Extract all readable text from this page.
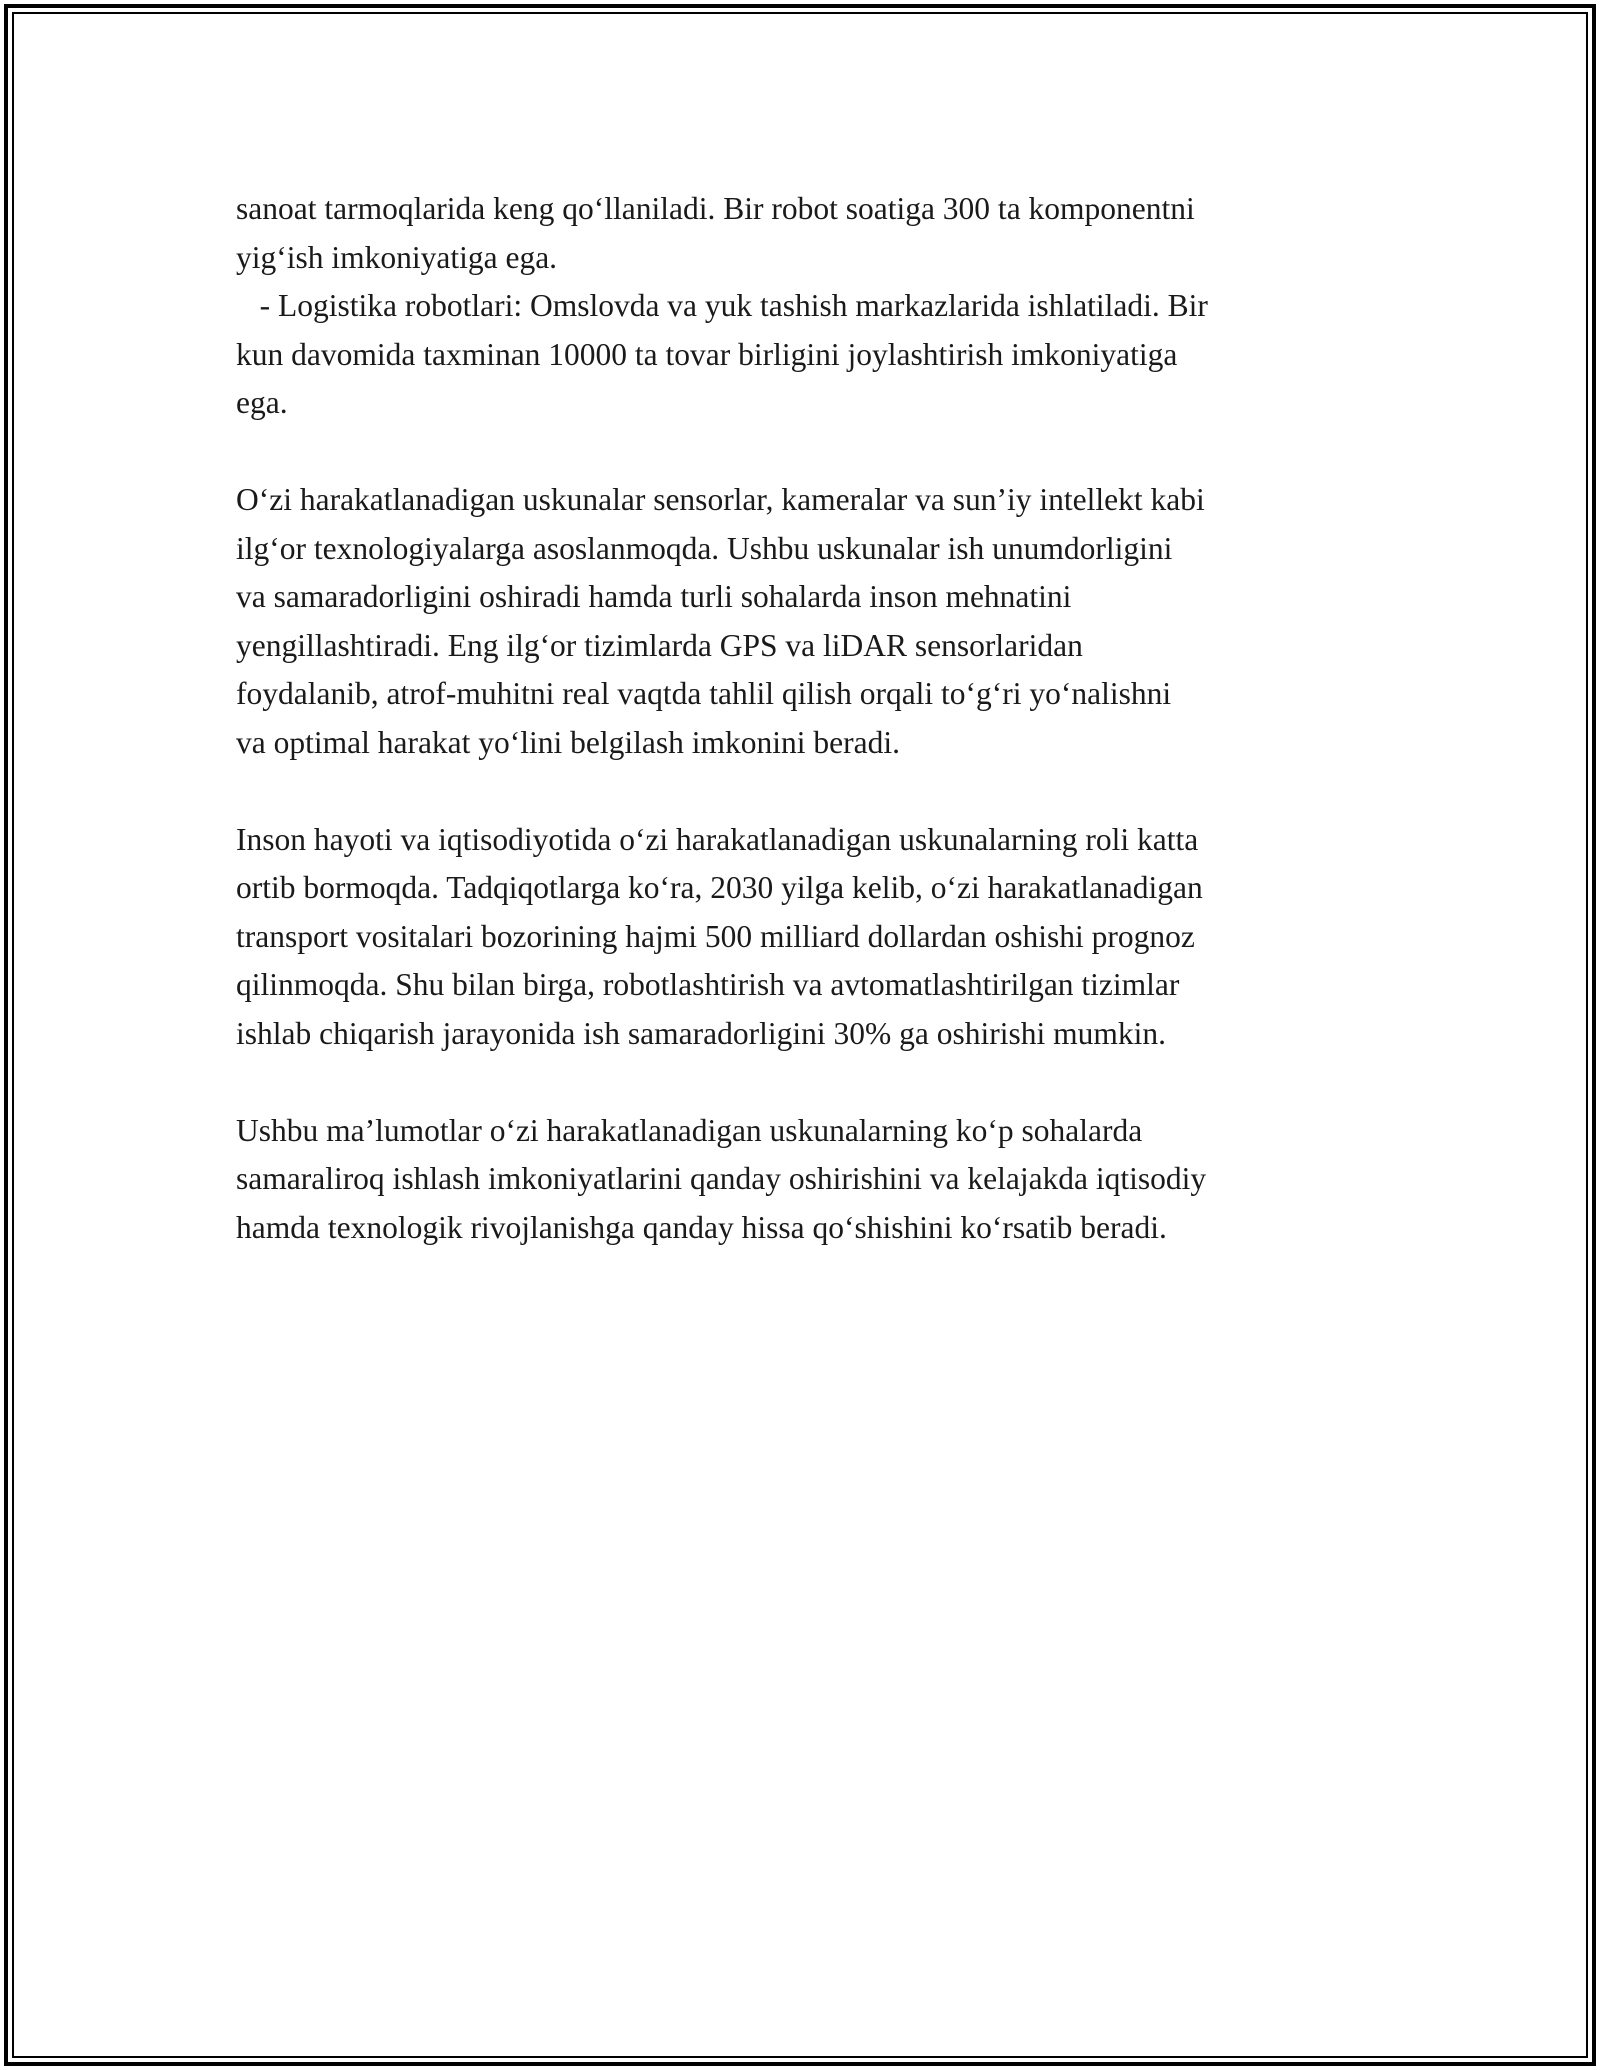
sanoat tarmoqlarida keng qo‘llaniladi. Bir robot soatiga 300 ta komponentni
yig‘ish imkoniyatiga ega.
- Logistika robotlari: Omslovda va yuk tashish markazlarida ishlatiladi. Bir
kun davomida taxminan 10000 ta tovar birligini joylashtirish imkoniyatiga
ega.
O‘zi harakatlanadigan uskunalar sensorlar, kameralar va sun’iy intellekt kabi
ilg‘or texnologiyalarga asoslanmoqda. Ushbu uskunalar ish unumdorligini
va samaradorligini oshiradi hamda turli sohalarda inson mehnatini
yengillashtiradi. Eng ilg‘or tizimlarda GPS va liDAR sensorlaridan
foydalanib, atrof-muhitni real vaqtda tahlil qilish orqali to‘g‘ri yo‘nalishni
va optimal harakat yo‘lini belgilash imkonini beradi.
Inson hayoti va iqtisodiyotida o‘zi harakatlanadigan uskunalarning roli katta
ortib bormoqda. Tadqiqotlarga ko‘ra, 2030 yilga kelib, o‘zi harakatlanadigan
transport vositalari bozorining hajmi 500 milliard dollardan oshishi prognoz
qilinmoqda. Shu bilan birga, robotlashtirish va avtomatlashtirilgan tizimlar
ishlab chiqarish jarayonida ish samaradorligini 30% ga oshirishi mumkin.
Ushbu ma’lumotlar o‘zi harakatlanadigan uskunalarning ko‘p sohalarda
samaraliroq ishlash imkoniyatlarini qanday oshirishini va kelajakda iqtisodiy
hamda texnologik rivojlanishga qanday hissa qo‘shishini ko‘rsatib beradi.
